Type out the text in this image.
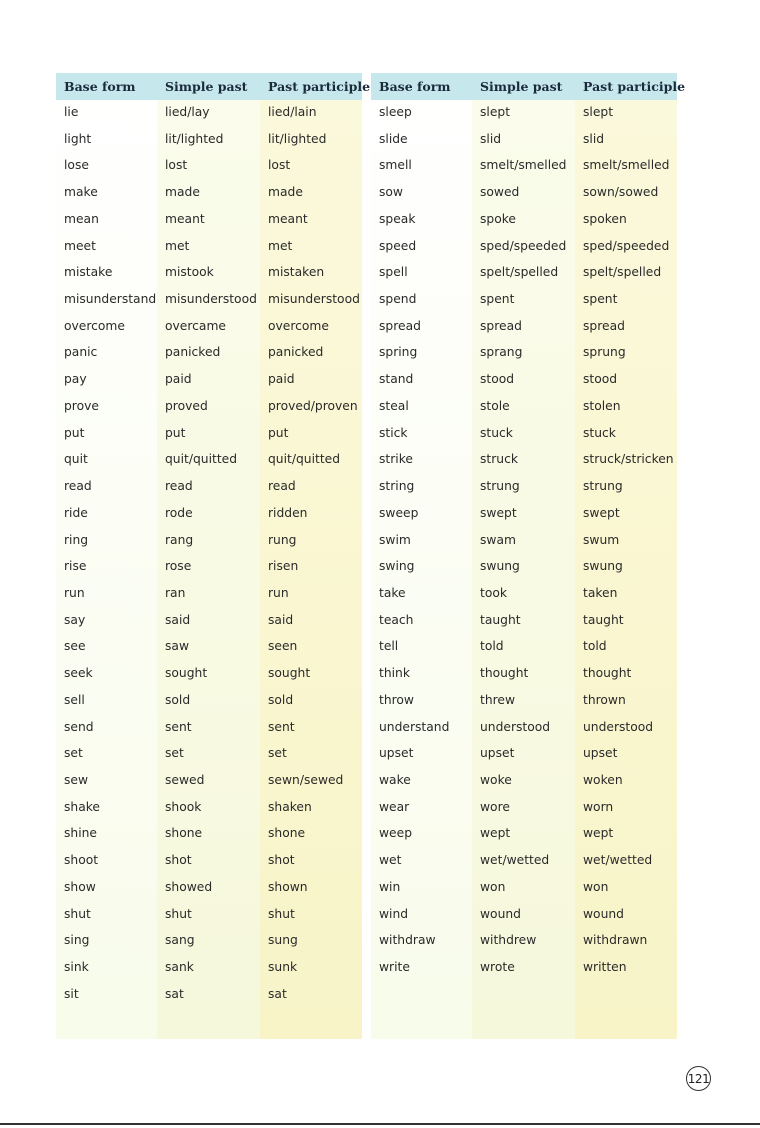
Base form Simple past Past participle
lie	lied/lay	lied/lain
light	lit/lighted	lit/lighted
lose	lost	lost
make	made	made
mean	meant	meant
meet	met	met
mistake	mistook	mistaken
misunderstand misunderstood misunderstood
overcome	overcame	overcome
panic	panicked	panicked
pay	paid	paid
prove	proved	proved/proven
put	put	put
quit	quit/quitted	quit/quitted
read	read	read
ride	rode	ridden
ring	rang	rung
rise	rose	risen
run	ran	run
say	said	said
see	saw	seen
seek	sought	sought
sell	sold	sold
send	sent	sent
set	set	set
sew	sewed	sewn/sewed
shake	shook	shaken
shine	shone	shone
shoot	shot	shot
show	showed	shown
shut	shut	shut
sing	sang	sung
sink	sank	sunk
sit	sat	sat
Base form Simple past Past participle
sleep	slept	slept
slide	slid	slid
smell	smelt/smelled smelt/smelled
sow	sowed	sown/sowed
speak	spoke	spoken
speed	sped/speeded sped/speeded
spell	spelt/spelled spelt/spelled
spend	spent	spent
spread	spread	spread
spring	sprang	sprung
stand	stood	stood
steal	stole	stolen
stick	stuck	stuck
strike	struck	struck/stricken
string	strung	strung
sweep	swept	swept
swim	swam	swum
swing	swung	swung
take	took	taken
teach	taught	taught
tell	told	told
think	thought	thought
throw	threw	thrown
understand understood	understood
upset	upset	upset
wake	woke	woken
wear	wore	worn
weep	wept	wept
wet	wet/wetted	wet/wetted
win	won	won
wind	wound	wound
withdraw	withdrew	withdrawn
write	wrote	written
121
